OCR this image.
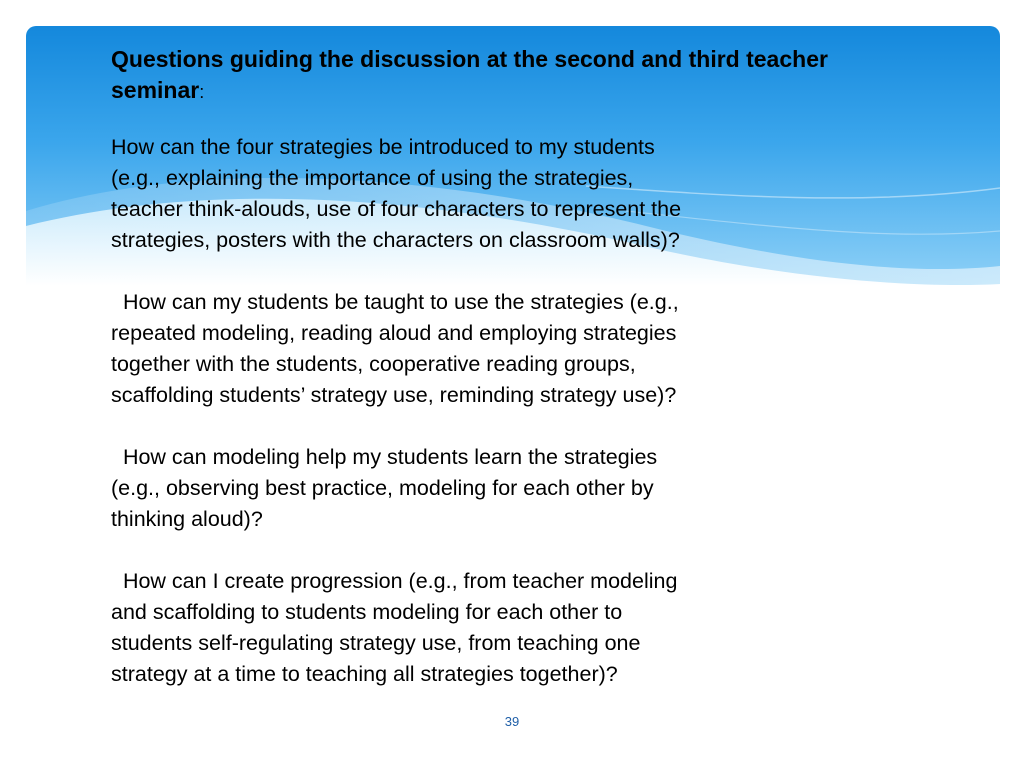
Questions guiding the discussion at the second and third teacher seminar:

How can the four strategies be introduced to my students
(e.g., explaining the importance of using the strategies,
teacher think-alouds, use of four characters to represent the
strategies, posters with the characters on classroom walls)?

How can my students be taught to use the strategies (e.g.,
repeated modeling, reading aloud and employing strategies
together with the students, cooperative reading groups,
scaffolding students’ strategy use, reminding strategy use)?

How can modeling help my students learn the strategies
(e.g., observing best practice, modeling for each other by
thinking aloud)?

How can I create progression (e.g., from teacher modeling
and scaffolding to students modeling for each other to
students self-regulating strategy use, from teaching one
strategy at a time to teaching all strategies together)?

39
